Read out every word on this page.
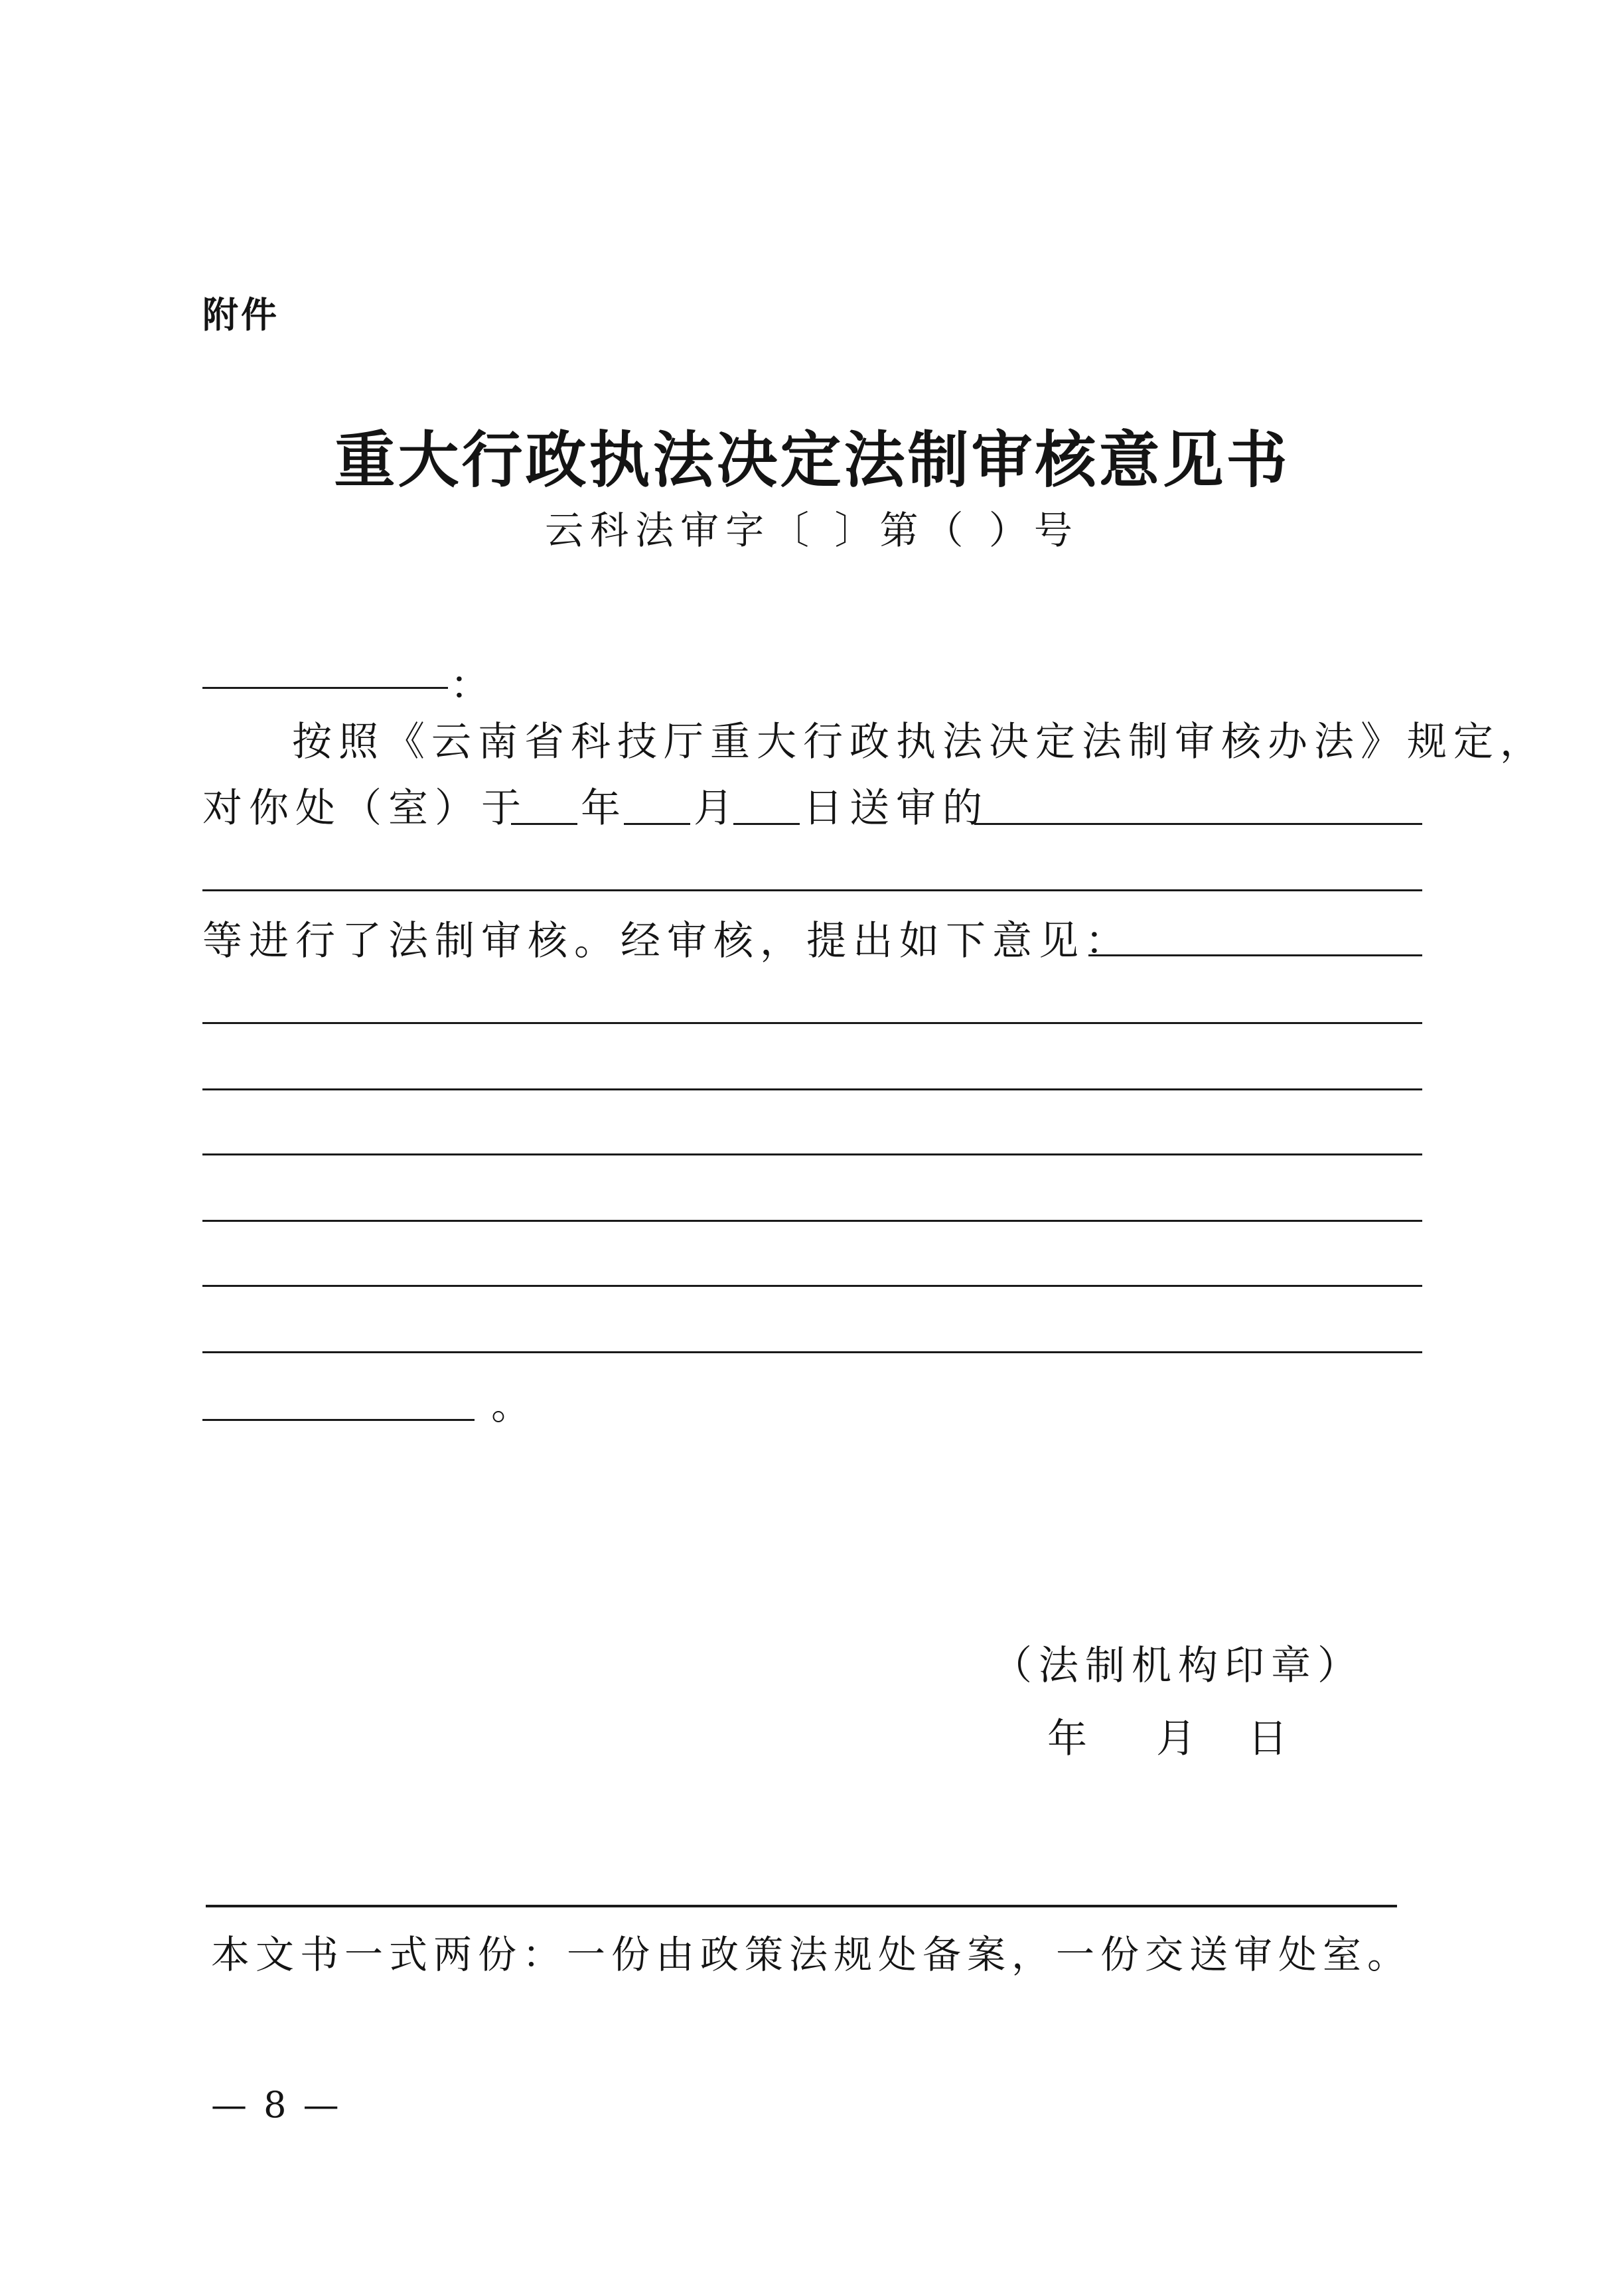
附件
重大行政执法决定法制审核意见书
云科法审字〔 〕第（ ）号
：
按照《云南省科技厅重大行政执法决定法制审核办法》规定，
对你处（室）于 年 月 日送审的
等进行了法制审核。经审核，提出如下意见：
。
（法制机构印章）
年 月 日
本文书一式两份：一份由政策法规处备案，一份交送审处室。
— 8 —
